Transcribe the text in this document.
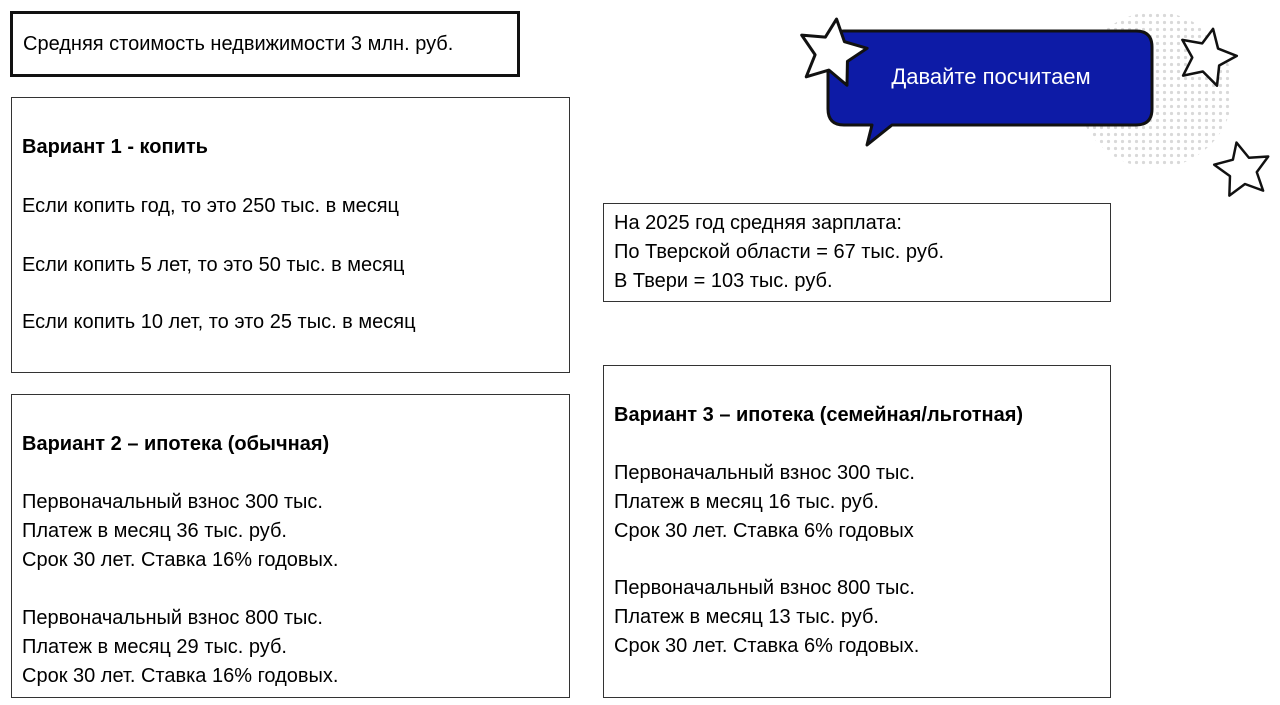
Средняя стоимость недвижимости 3 млн. руб.
Вариант 1 - копить
Если копить год, то это 250 тыс. в месяц
Если копить 5 лет, то это 50 тыс. в месяц
Если копить 10 лет, то это 25 тыс. в месяц
Вариант 2 – ипотека (обычная)
Первоначальный взнос 300 тыс.
Платеж в месяц 36 тыс. руб.
Срок 30 лет. Ставка 16% годовых.
Первоначальный взнос 800 тыс.
Платеж в месяц 29 тыс. руб.
Срок 30 лет. Ставка 16% годовых.
На 2025 год средняя зарплата:
По Тверской области = 67 тыс. руб.
В Твери = 103 тыс. руб.
Вариант 3 – ипотека (семейная/льготная)
Первоначальный взнос 300 тыс.
Платеж в месяц 16 тыс. руб.
Срок 30 лет. Ставка 6% годовых
Первоначальный взнос 800 тыс.
Платеж в месяц 13 тыс. руб.
Срок 30 лет. Ставка 6% годовых.
Давайте посчитаем
